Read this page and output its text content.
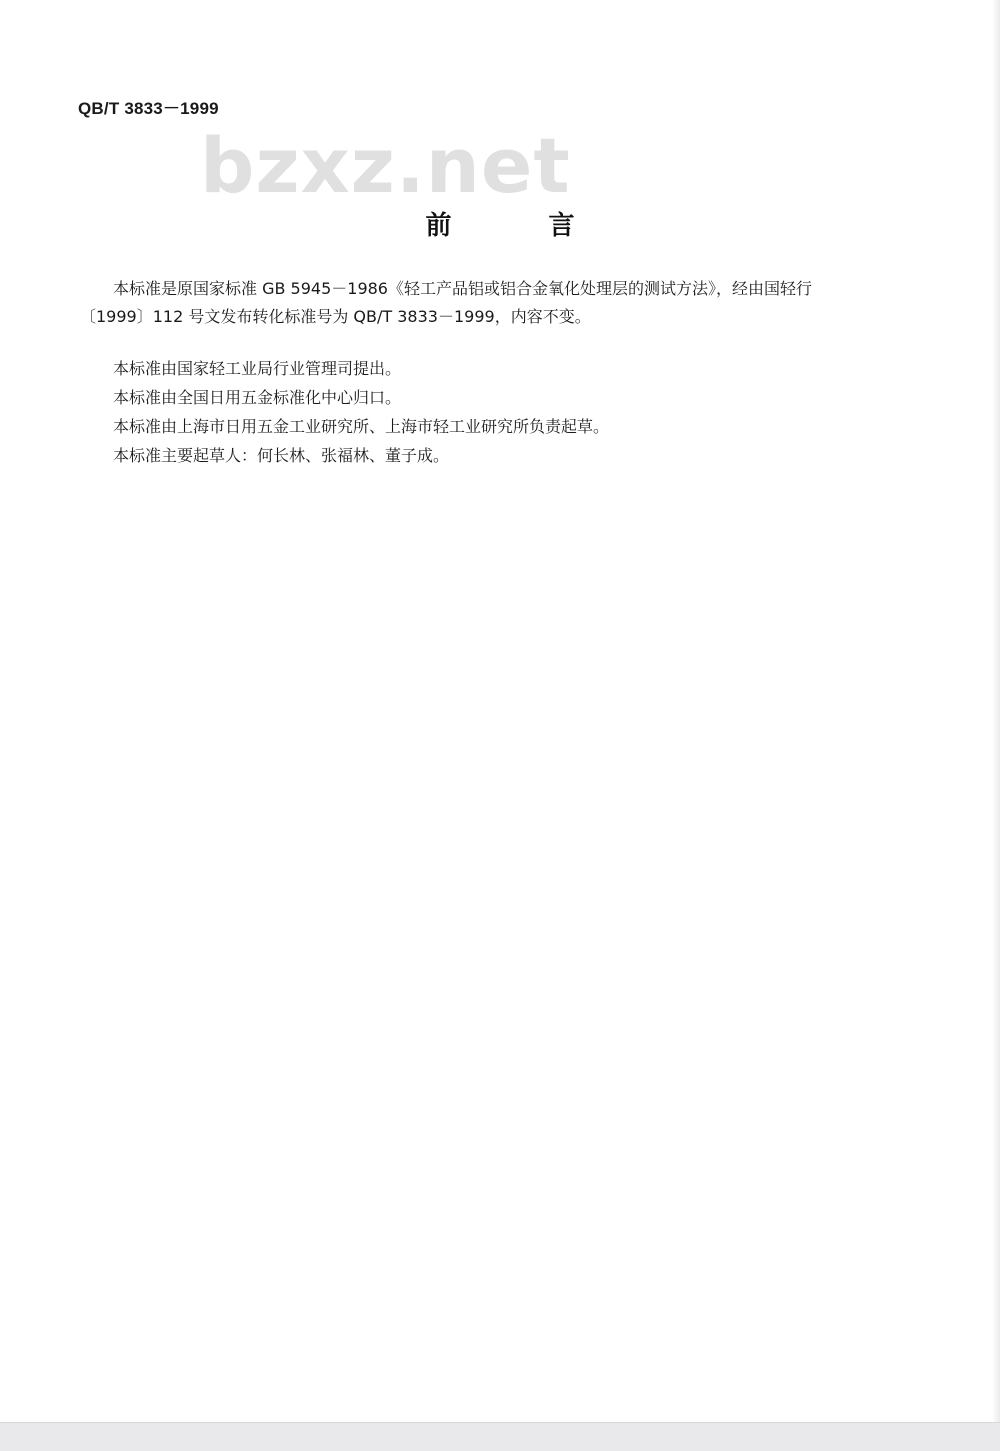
QB/T 3833－1999
bzxz.net
前 言
本标准是原国家标准 GB 5945－1986《轻工产品铝或铝合金氧化处理层的测试方法》，经由国轻行
〔1999〕112 号文发布转化标准号为 QB/T 3833－1999，内容不变。
本标准由国家轻工业局行业管理司提出。
本标准由全国日用五金标准化中心归口。
本标准由上海市日用五金工业研究所、上海市轻工业研究所负责起草。
本标准主要起草人：何长林、张福林、董子成。
